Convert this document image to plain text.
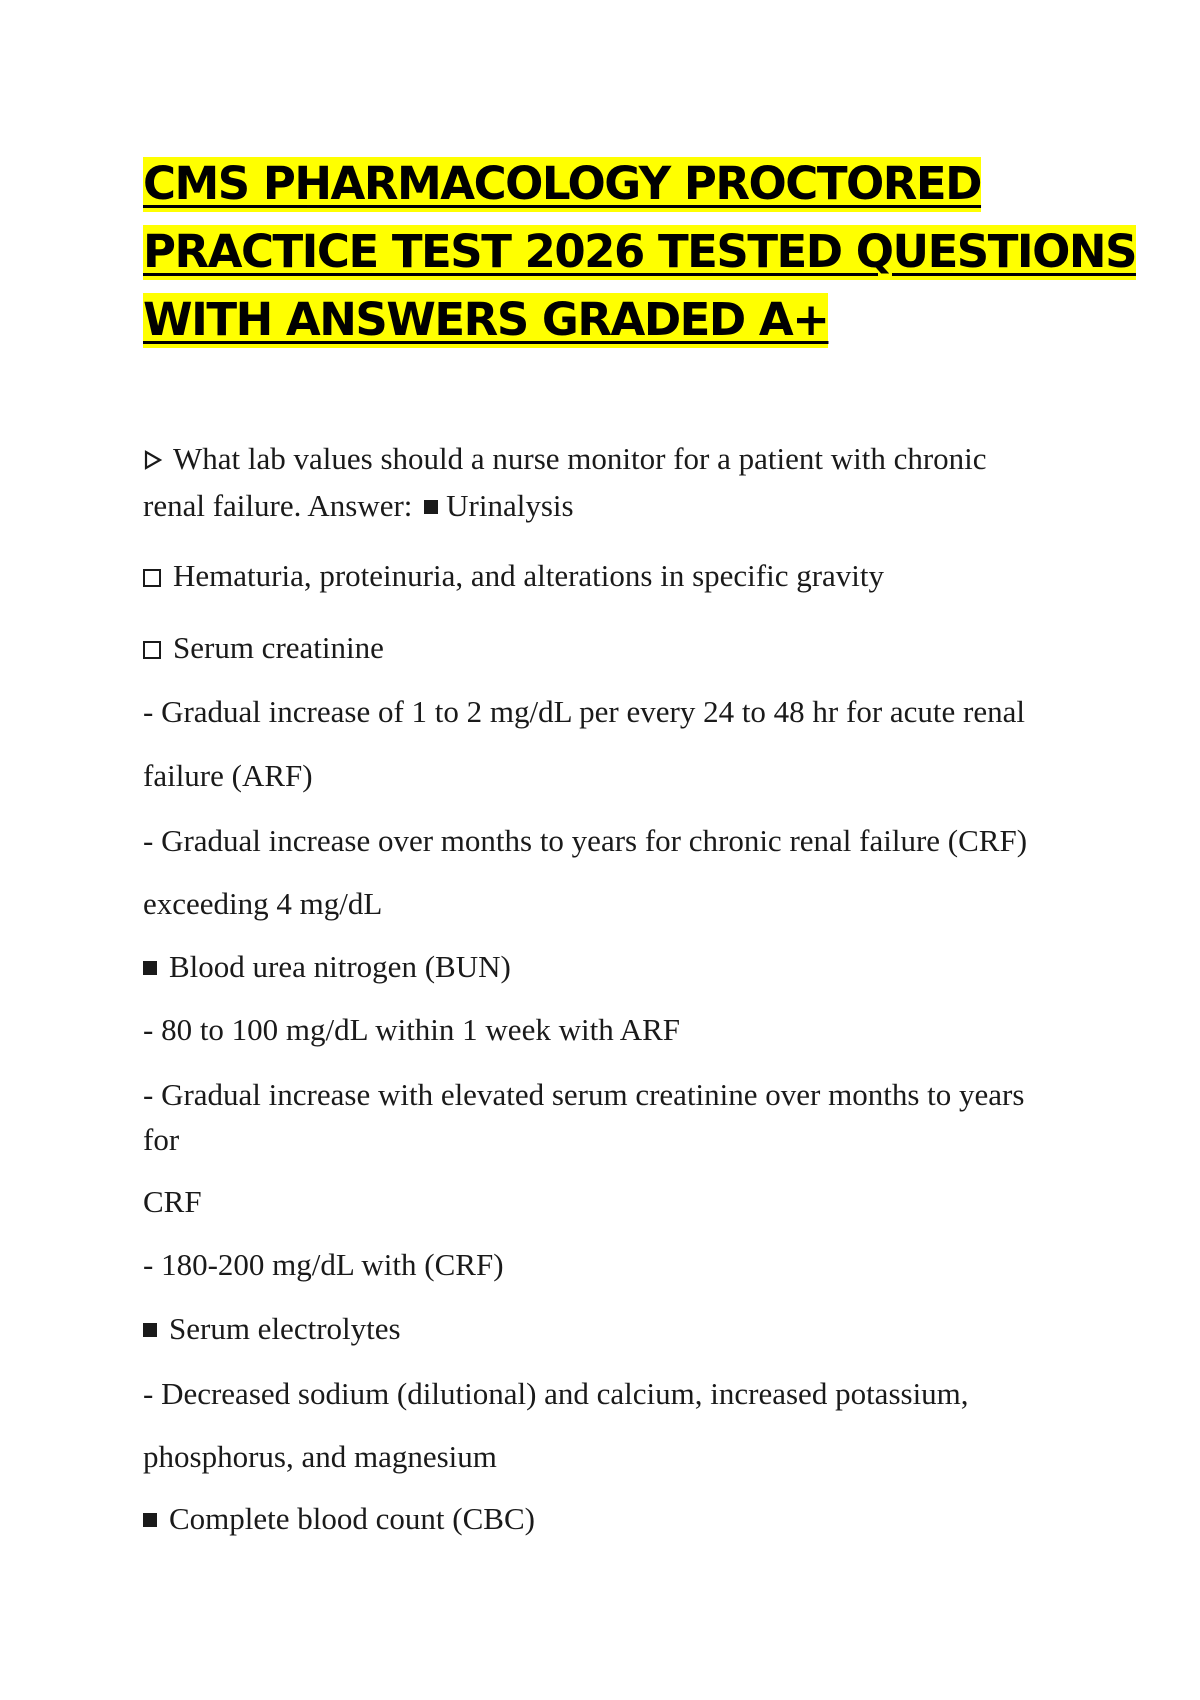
CMS PHARMACOLOGY PROCTORED
PRACTICE TEST 2026 TESTED QUESTIONS
WITH ANSWERS GRADED A+
What lab values should a nurse monitor for a patient with chronic
renal failure. Answer: Urinalysis
Hematuria, proteinuria, and alterations in specific gravity
Serum creatinine
- Gradual increase of 1 to 2 mg/dL per every 24 to 48 hr for acute renal
failure (ARF)
- Gradual increase over months to years for chronic renal failure (CRF)
exceeding 4 mg/dL
Blood urea nitrogen (BUN)
- 80 to 100 mg/dL within 1 week with ARF
- Gradual increase with elevated serum creatinine over months to years
for
CRF
- 180-200 mg/dL with (CRF)
Serum electrolytes
- Decreased sodium (dilutional) and calcium, increased potassium,
phosphorus, and magnesium
Complete blood count (CBC)
